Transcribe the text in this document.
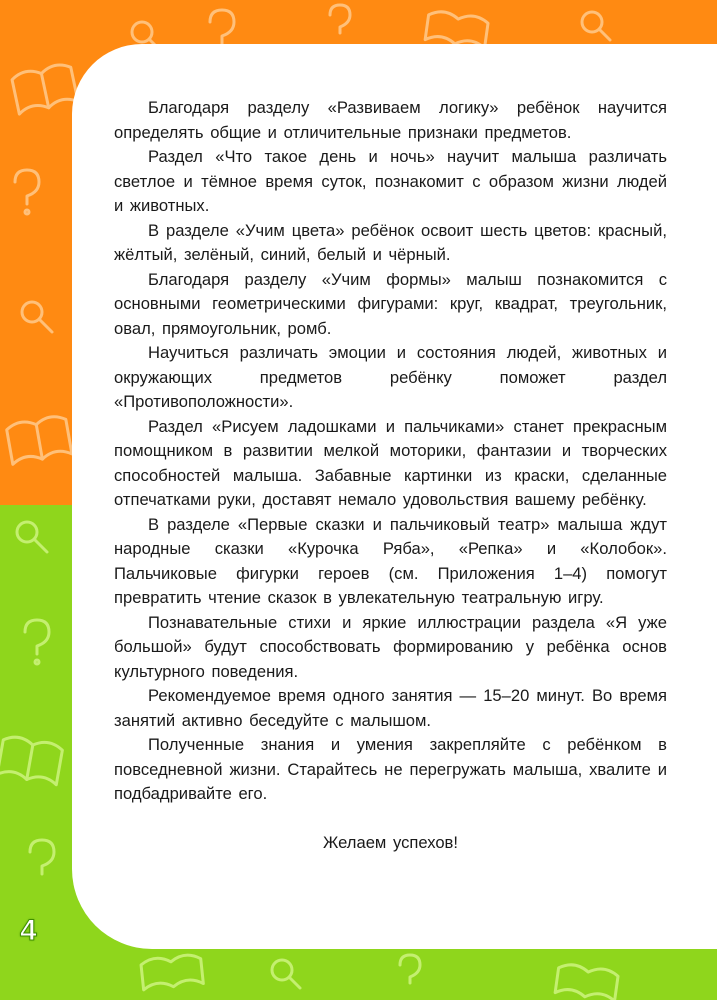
Благодаря разделу «Развиваем логику» ребёнок научится определять общие и отличительные признаки предметов.

Раздел «Что такое день и ночь» научит малыша различать светлое и тёмное время суток, познакомит с образом жизни людей и животных.

В разделе «Учим цвета» ребёнок освоит шесть цветов: красный, жёлтый, зелёный, синий, белый и чёрный.

Благодаря разделу «Учим формы» малыш познакомится с основными геометрическими фигурами: круг, квадрат, треугольник, овал, прямоугольник, ромб.

Научиться различать эмоции и состояния людей, животных и окружающих предметов ребёнку поможет раздел «Противоположности».

Раздел «Рисуем ладошками и пальчиками» станет прекрасным помощником в развитии мелкой моторики, фантазии и творческих способностей малыша. Забавные картинки из краски, сделанные отпечатками руки, доставят немало удовольствия вашему ребёнку.

В разделе «Первые сказки и пальчиковый театр» малыша ждут народные сказки «Курочка Ряба», «Репка» и «Колобок». Пальчиковые фигурки героев (см. Приложения 1–4) помогут превратить чтение сказок в увлекательную театральную игру.

Познавательные стихи и яркие иллюстрации раздела «Я уже большой» будут способствовать формированию у ребёнка основ культурного поведения.

Рекомендуемое время одного занятия — 15–20 минут. Во время занятий активно беседуйте с малышом.

Полученные знания и умения закрепляйте с ребёнком в повседневной жизни. Старайтесь не перегружать малыша, хвалите и подбадривайте его.

Желаем успехов!

4
